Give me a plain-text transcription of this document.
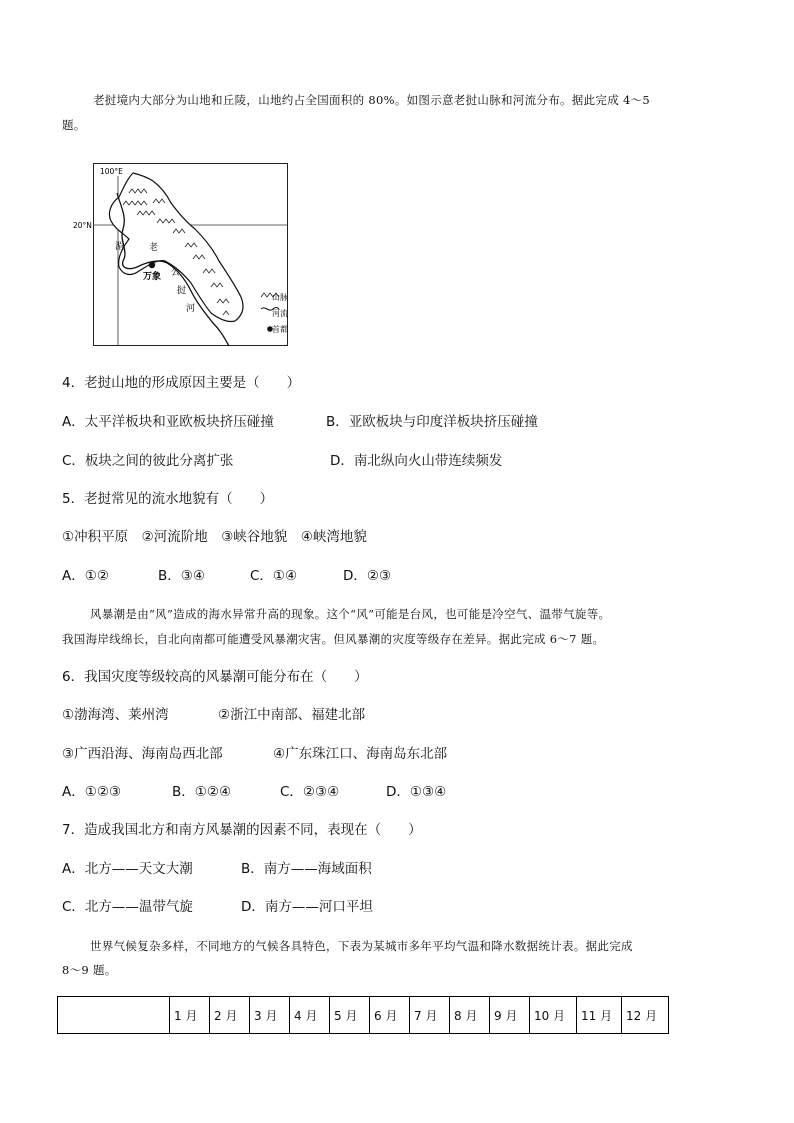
老挝境内大部分为山地和丘陵，山地约占全国面积的 80%。如图示意老挝山脉和河流分布。据此完成 4～5
题。
100°E
20°N
万象
老
挝
湄
公
河
山脉
河流
首都
4．老挝山地的形成原因主要是（　　）
A．太平洋板块和亚欧板块挤压碰撞	B．亚欧板块与印度洋板块挤压碰撞
C．板块之间的彼此分离扩张	D．南北纵向火山带连续频发
5．老挝常见的流水地貌有（　　）
①冲积平原　②河流阶地　③峡谷地貌　④峡湾地貌
A．①②	B．③④	C．①④	D．②③
风暴潮是由“风”造成的海水异常升高的现象。这个“风”可能是台风，也可能是冷空气、温带气旋等。
我国海岸线绵长，自北向南都可能遭受风暴潮灾害。但风暴潮的灾度等级存在差异。据此完成 6～7 题。
6．我国灾度等级较高的风暴潮可能分布在（　　）
①渤海湾、莱州湾	②浙江中南部、福建北部
③广西沿海、海南岛西北部	④广东珠江口、海南岛东北部
A．①②③	B．①②④	C．②③④	D．①③④
7．造成我国北方和南方风暴潮的因素不同，表现在（　　）
A．北方——天文大潮	B．南方——海域面积
C．北方——温带气旋	D．南方——河口平坦
世界气候复杂多样，不同地方的气候各具特色，下表为某城市多年平均气温和降水数据统计表。据此完成
8～9 题。
	1 月	2 月	3 月	4 月	5 月	6 月	7 月	8 月	9 月	10 月	11 月	12 月
